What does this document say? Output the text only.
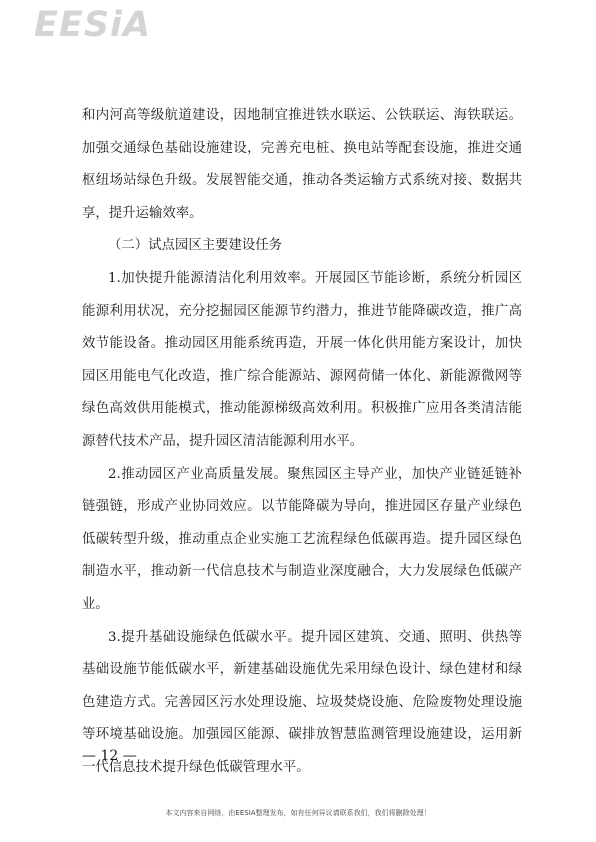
EESiA

和内河高等级航道建设，因地制宜推进铁水联运、公铁联运、海铁联运。加强交通绿色基础设施建设，完善充电桩、换电站等配套设施，推进交通枢纽场站绿色升级。发展智能交通，推动各类运输方式系统对接、数据共享，提升运输效率。

（二）试点园区主要建设任务

1.加快提升能源清洁化利用效率。开展园区节能诊断，系统分析园区能源利用状况，充分挖掘园区能源节约潜力，推进节能降碳改造，推广高效节能设备。推动园区用能系统再造，开展一体化供用能方案设计，加快园区用能电气化改造，推广综合能源站、源网荷储一体化、新能源微网等绿色高效供用能模式，推动能源梯级高效利用。积极推广应用各类清洁能源替代技术产品，提升园区清洁能源利用水平。

2.推动园区产业高质量发展。聚焦园区主导产业，加快产业链延链补链强链，形成产业协同效应。以节能降碳为导向，推进园区存量产业绿色低碳转型升级，推动重点企业实施工艺流程绿色低碳再造。提升园区绿色制造水平，推动新一代信息技术与制造业深度融合，大力发展绿色低碳产业。

3.提升基础设施绿色低碳水平。提升园区建筑、交通、照明、供热等基础设施节能低碳水平，新建基础设施优先采用绿色设计、绿色建材和绿色建造方式。完善园区污水处理设施、垃圾焚烧设施、危险废物处理设施等环境基础设施。加强园区能源、碳排放智慧监测管理设施建设，运用新一代信息技术提升绿色低碳管理水平。

— 12 —
本文内容来自网络，由EESIA整理发布，如有任何异议请联系我们，我们将删除处理！
